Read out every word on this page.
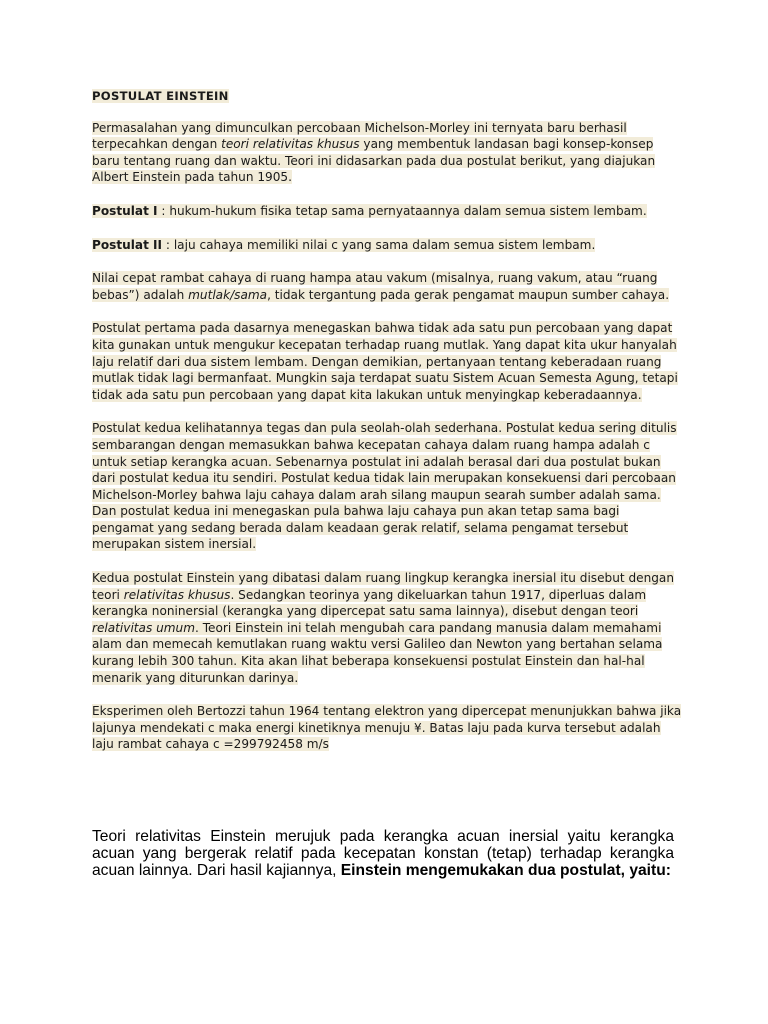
POSTULAT EINSTEIN

Permasalahan yang dimunculkan percobaan Michelson-Morley ini ternyata baru berhasil terpecahkan dengan teori relativitas khusus yang membentuk landasan bagi konsep-konsep baru tentang ruang dan waktu. Teori ini didasarkan pada dua postulat berikut, yang diajukan Albert Einstein pada tahun 1905.

Postulat I : hukum-hukum fisika tetap sama pernyataannya dalam semua sistem lembam.

Postulat II : laju cahaya memiliki nilai c yang sama dalam semua sistem lembam.

Nilai cepat rambat cahaya di ruang hampa atau vakum (misalnya, ruang vakum, atau “ruang bebas”) adalah mutlak/sama, tidak tergantung pada gerak pengamat maupun sumber cahaya.

Postulat pertama pada dasarnya menegaskan bahwa tidak ada satu pun percobaan yang dapat kita gunakan untuk mengukur kecepatan terhadap ruang mutlak. Yang dapat kita ukur hanyalah laju relatif dari dua sistem lembam. Dengan demikian, pertanyaan tentang keberadaan ruang mutlak tidak lagi bermanfaat. Mungkin saja terdapat suatu Sistem Acuan Semesta Agung, tetapi tidak ada satu pun percobaan yang dapat kita lakukan untuk menyingkap keberadaannya.

Postulat kedua kelihatannya tegas dan pula seolah-olah sederhana. Postulat kedua sering ditulis sembarangan dengan memasukkan bahwa kecepatan cahaya dalam ruang hampa adalah c untuk setiap kerangka acuan. Sebenarnya postulat ini adalah berasal dari dua postulat bukan dari postulat kedua itu sendiri. Postulat kedua tidak lain merupakan konsekuensi dari percobaan Michelson-Morley bahwa laju cahaya dalam arah silang maupun searah sumber adalah sama. Dan postulat kedua ini menegaskan pula bahwa laju cahaya pun akan tetap sama bagi pengamat yang sedang berada dalam keadaan gerak relatif, selama pengamat tersebut merupakan sistem inersial.

Kedua postulat Einstein yang dibatasi dalam ruang lingkup kerangka inersial itu disebut dengan teori relativitas khusus. Sedangkan teorinya yang dikeluarkan tahun 1917, diperluas dalam kerangka noninersial (kerangka yang dipercepat satu sama lainnya), disebut dengan teori relativitas umum. Teori Einstein ini telah mengubah cara pandang manusia dalam memahami alam dan memecah kemutlakan ruang waktu versi Galileo dan Newton yang bertahan selama kurang lebih 300 tahun. Kita akan lihat beberapa konsekuensi postulat Einstein dan hal-hal menarik yang diturunkan darinya.

Eksperimen oleh Bertozzi tahun 1964 tentang elektron yang dipercepat menunjukkan bahwa jika lajunya mendekati c maka energi kinetiknya menuju ¥. Batas laju pada kurva tersebut adalah laju rambat cahaya c =299792458 m/s

Teori relativitas Einstein merujuk pada kerangka acuan inersial yaitu kerangka acuan yang bergerak relatif pada kecepatan konstan (tetap) terhadap kerangka acuan lainnya. Dari hasil kajiannya, Einstein mengemukakan dua postulat, yaitu:
